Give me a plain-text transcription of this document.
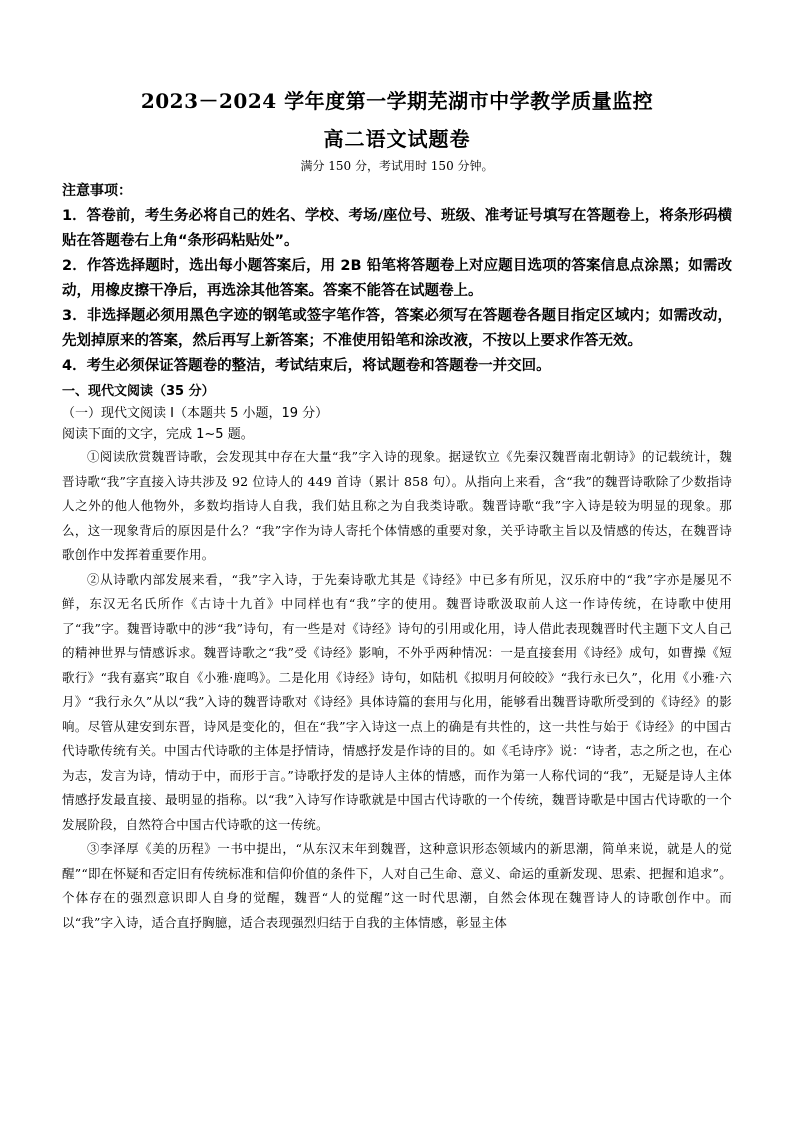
2023－2024 学年度第一学期芜湖市中学教学质量监控
高二语文试题卷
满分 150 分，考试用时 150 分钟。
注意事项：
1．答卷前，考生务必将自己的姓名、学校、考场/座位号、班级、准考证号填写在答题卷上，将条形码横贴在答题卷右上角“条形码粘贴处”。
2．作答选择题时，选出每小题答案后，用 2B 铅笔将答题卷上对应题目选项的答案信息点涂黑；如需改动，用橡皮擦干净后，再选涂其他答案。答案不能答在试题卷上。
3．非选择题必须用黑色字迹的钢笔或签字笔作答，答案必须写在答题卷各题目指定区域内；如需改动，先划掉原来的答案，然后再写上新答案；不准使用铅笔和涂改液，不按以上要求作答无效。
4．考生必须保证答题卷的整洁，考试结束后，将试题卷和答题卷一并交回。
一、现代文阅读（35 分）
（一）现代文阅读 I（本题共 5 小题，19 分）
阅读下面的文字，完成 1~5 题。
①阅读欣赏魏晋诗歌，会发现其中存在大量“我”字入诗的现象。据逯钦立《先秦汉魏晋南北朝诗》的记载统计，魏晋诗歌“我”字直接入诗共涉及 92 位诗人的 449 首诗（累计 858 句）。从指向上来看，含“我”的魏晋诗歌除了少数指诗人之外的他人他物外，多数均指诗人自我，我们姑且称之为自我类诗歌。魏晋诗歌“我”字入诗是较为明显的现象。那么，这一现象背后的原因是什么？“我”字作为诗人寄托个体情感的重要对象，关乎诗歌主旨以及情感的传达，在魏晋诗歌创作中发挥着重要作用。
②从诗歌内部发展来看，“我”字入诗，于先秦诗歌尤其是《诗经》中已多有所见，汉乐府中的“我”字亦是屡见不鲜，东汉无名氏所作《古诗十九首》中同样也有“我”字的使用。魏晋诗歌汲取前人这一作诗传统，在诗歌中使用了“我”字。魏晋诗歌中的涉“我”诗句，有一些是对《诗经》诗句的引用或化用，诗人借此表现魏晋时代主题下文人自己的精神世界与情感诉求。魏晋诗歌之“我”受《诗经》影响，不外乎两种情况：一是直接套用《诗经》成句，如曹操《短歌行》“我有嘉宾”取自《小雅·鹿鸣》。二是化用《诗经》诗句，如陆机《拟明月何皎皎》“我行永已久”，化用《小雅·六月》“我行永久”从以“我”入诗的魏晋诗歌对《诗经》具体诗篇的套用与化用，能够看出魏晋诗歌所受到的《诗经》的影响。尽管从建安到东晋，诗风是变化的，但在“我”字入诗这一点上的确是有共性的，这一共性与始于《诗经》的中国古代诗歌传统有关。中国古代诗歌的主体是抒情诗，情感抒发是作诗的目的。如《毛诗序》说：“诗者，志之所之也，在心为志，发言为诗，情动于中，而形于言。”诗歌抒发的是诗人主体的情感，而作为第一人称代词的“我”，无疑是诗人主体情感抒发最直接、最明显的指称。以“我”入诗写作诗歌就是中国古代诗歌的一个传统，魏晋诗歌是中国古代诗歌的一个发展阶段，自然符合中国古代诗歌的这一传统。
③李泽厚《美的历程》一书中提出，“从东汉末年到魏晋，这种意识形态领域内的新思潮，简单来说，就是人的觉醒”“即在怀疑和否定旧有传统标准和信仰价值的条件下，人对自己生命、意义、命运的重新发现、思索、把握和追求”。个体存在的强烈意识即人自身的觉醒，魏晋“人的觉醒”这一时代思潮，自然会体现在魏晋诗人的诗歌创作中。而以“我”字入诗，适合直抒胸臆，适合表现强烈归结于自我的主体情感，彰显主体
